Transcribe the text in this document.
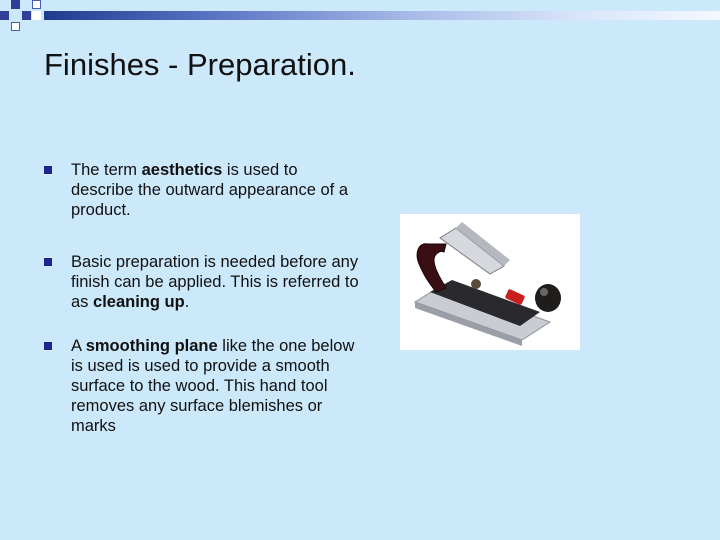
Finishes - Preparation.
The term aesthetics is used to describe the outward appearance of a product.
Basic preparation is needed before any finish can be applied. This is referred to as cleaning up.
A smoothing plane like the one below is used is used to provide a smooth surface to the wood. This hand tool removes any surface blemishes or marks
